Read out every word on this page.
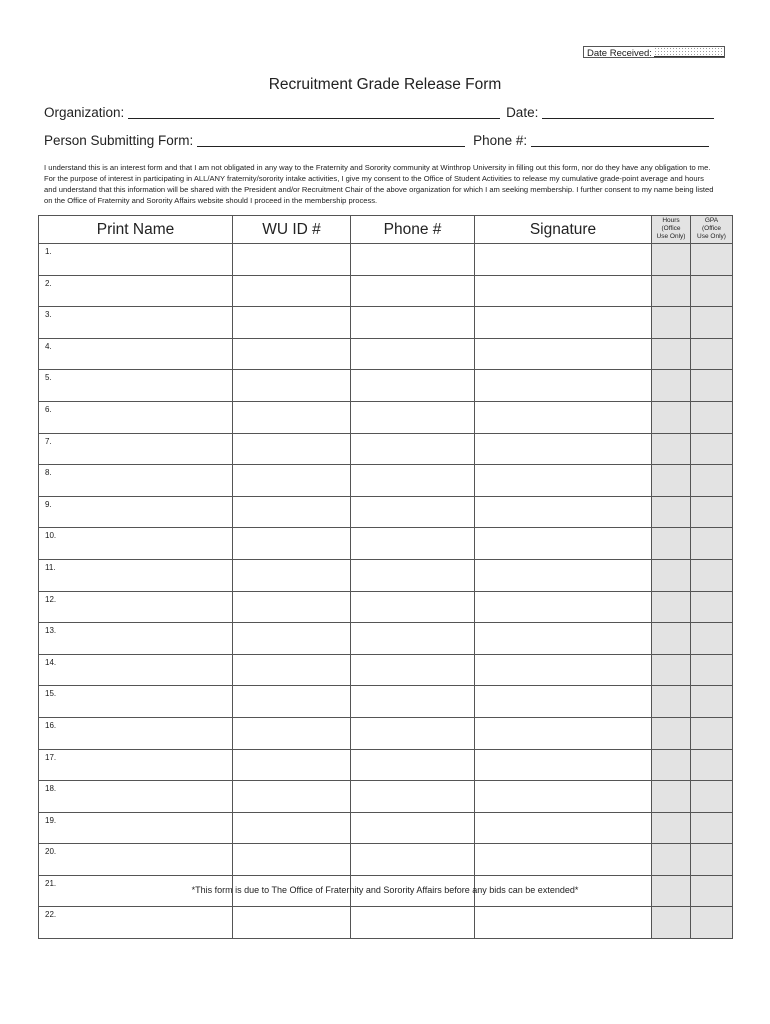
Date Received:
Recruitment Grade Release Form
Organization:	Date:
Person Submitting Form:	Phone #:
I understand this is an interest form and that I am not obligated in any way to the Fraternity and Sorority community at Winthrop University in filling out this form, nor do they have any obligation to me. For the purpose of interest in participating in ALL/ANY fraternity/sorority intake activities, I give my consent to the Office of Student Activities to release my cumulative grade-point average and hours and understand that this information will be shared with the President and/or Recruitment Chair of the above organization for which I am seeking membership. I further consent to my name being listed on the Office of Fraternity and Sorority Affairs website should I proceed in the membership process.
Print Name	WU ID #	Phone #	Signature	Hours
(Office
Use Only)	GPA
(Office
Use Only)

1.					
2.					
3.					
4.					
5.					
6.					
7.					
8.					
9.					
10.					
11.					
12.					
13.					
14.					
15.					
16.					
17.					
18.					
19.					
20.					
21.					
22.					
*This form is due to The Office of Fraternity and Sorority Affairs before any bids can be extended*
